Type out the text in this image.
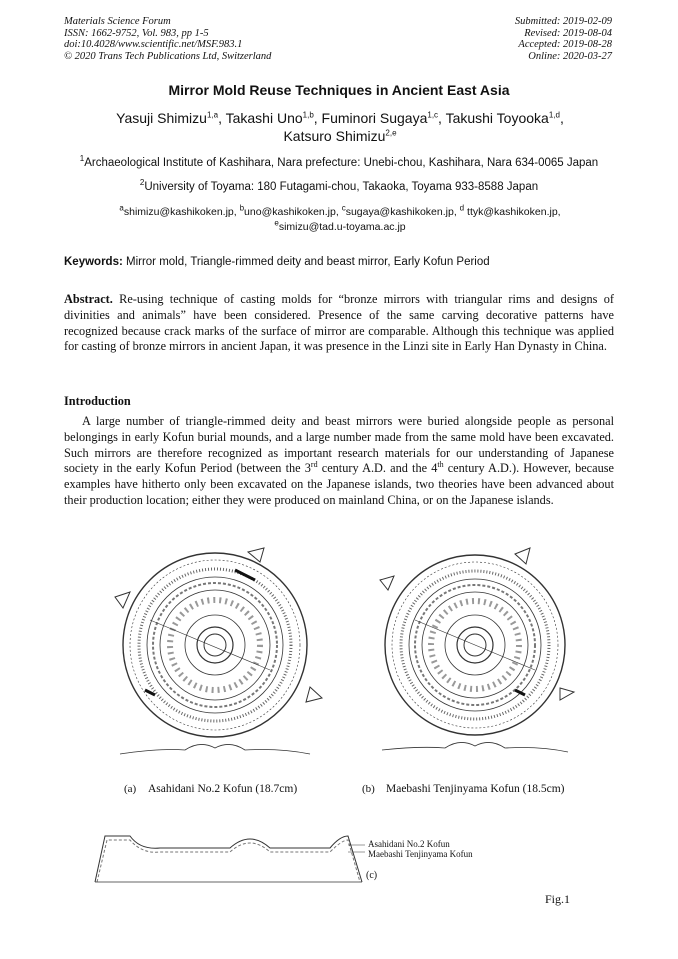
Materials Science Forum
ISSN: 1662-9752, Vol. 983, pp 1-5
doi:10.4028/www.scientific.net/MSF.983.1
© 2020 Trans Tech Publications Ltd, Switzerland
Submitted: 2019-02-09
Revised: 2019-08-04
Accepted: 2019-08-28
Online: 2020-03-27
Mirror Mold Reuse Techniques in Ancient East Asia
Yasuji Shimizu$^{1,a}$, Takashi Uno$^{1,b}$, Fuminori Sugaya$^{1,c}$, Takushi Toyooka$^{1,d}$,
Katsuro Shimizu$^{2,e}$
$^1$Archaeological Institute of Kashihara, Nara prefecture: Unebi-chou, Kashihara, Nara 634-0065 Japan
$^2$University of Toyama: 180 Futagami-chou, Takaoka, Toyama 933-8588 Japan
$^a$shimizu@kashikoken.jp, $^b$uno@kashikoken.jp, $^c$sugaya@kashikoken.jp, $^d$ ttyk@kashikoken.jp,
$^e$simizu@tad.u-toyama.ac.jp
Keywords: Mirror mold, Triangle-rimmed deity and beast mirror, Early Kofun Period
Abstract. Re-using technique of casting molds for “bronze mirrors with triangular rims and designs of divinities and animals” have been considered. Presence of the same carving decorative patterns have recognized because crack marks of the surface of mirror are comparable. Although this technique was applied for casting of bronze mirrors in ancient Japan, it was presence in the Linzi site in Early Han Dynasty in China.
Introduction
A large number of triangle-rimmed deity and beast mirrors were buried alongside people as personal belongings in early Kofun burial mounds, and a large number made from the same mold have been excavated. Such mirrors are therefore recognized as important research materials for our understanding of Japanese society in the early Kofun Period (between the 3rd century A.D. and the 4th century A.D.). However, because examples have hitherto only been excavated on the Japanese islands, two theories have been advanced about their production location; either they were produced on mainland China, or on the Japanese islands.
(a) Asahidani No.2 Kofun (18.7cm)	(b) Maebashi Tenjinyama Kofun (18.5cm)
Asahidani No.2 Kofun
Maebashi Tenjinyama Kofun
(c)
Fig.1
